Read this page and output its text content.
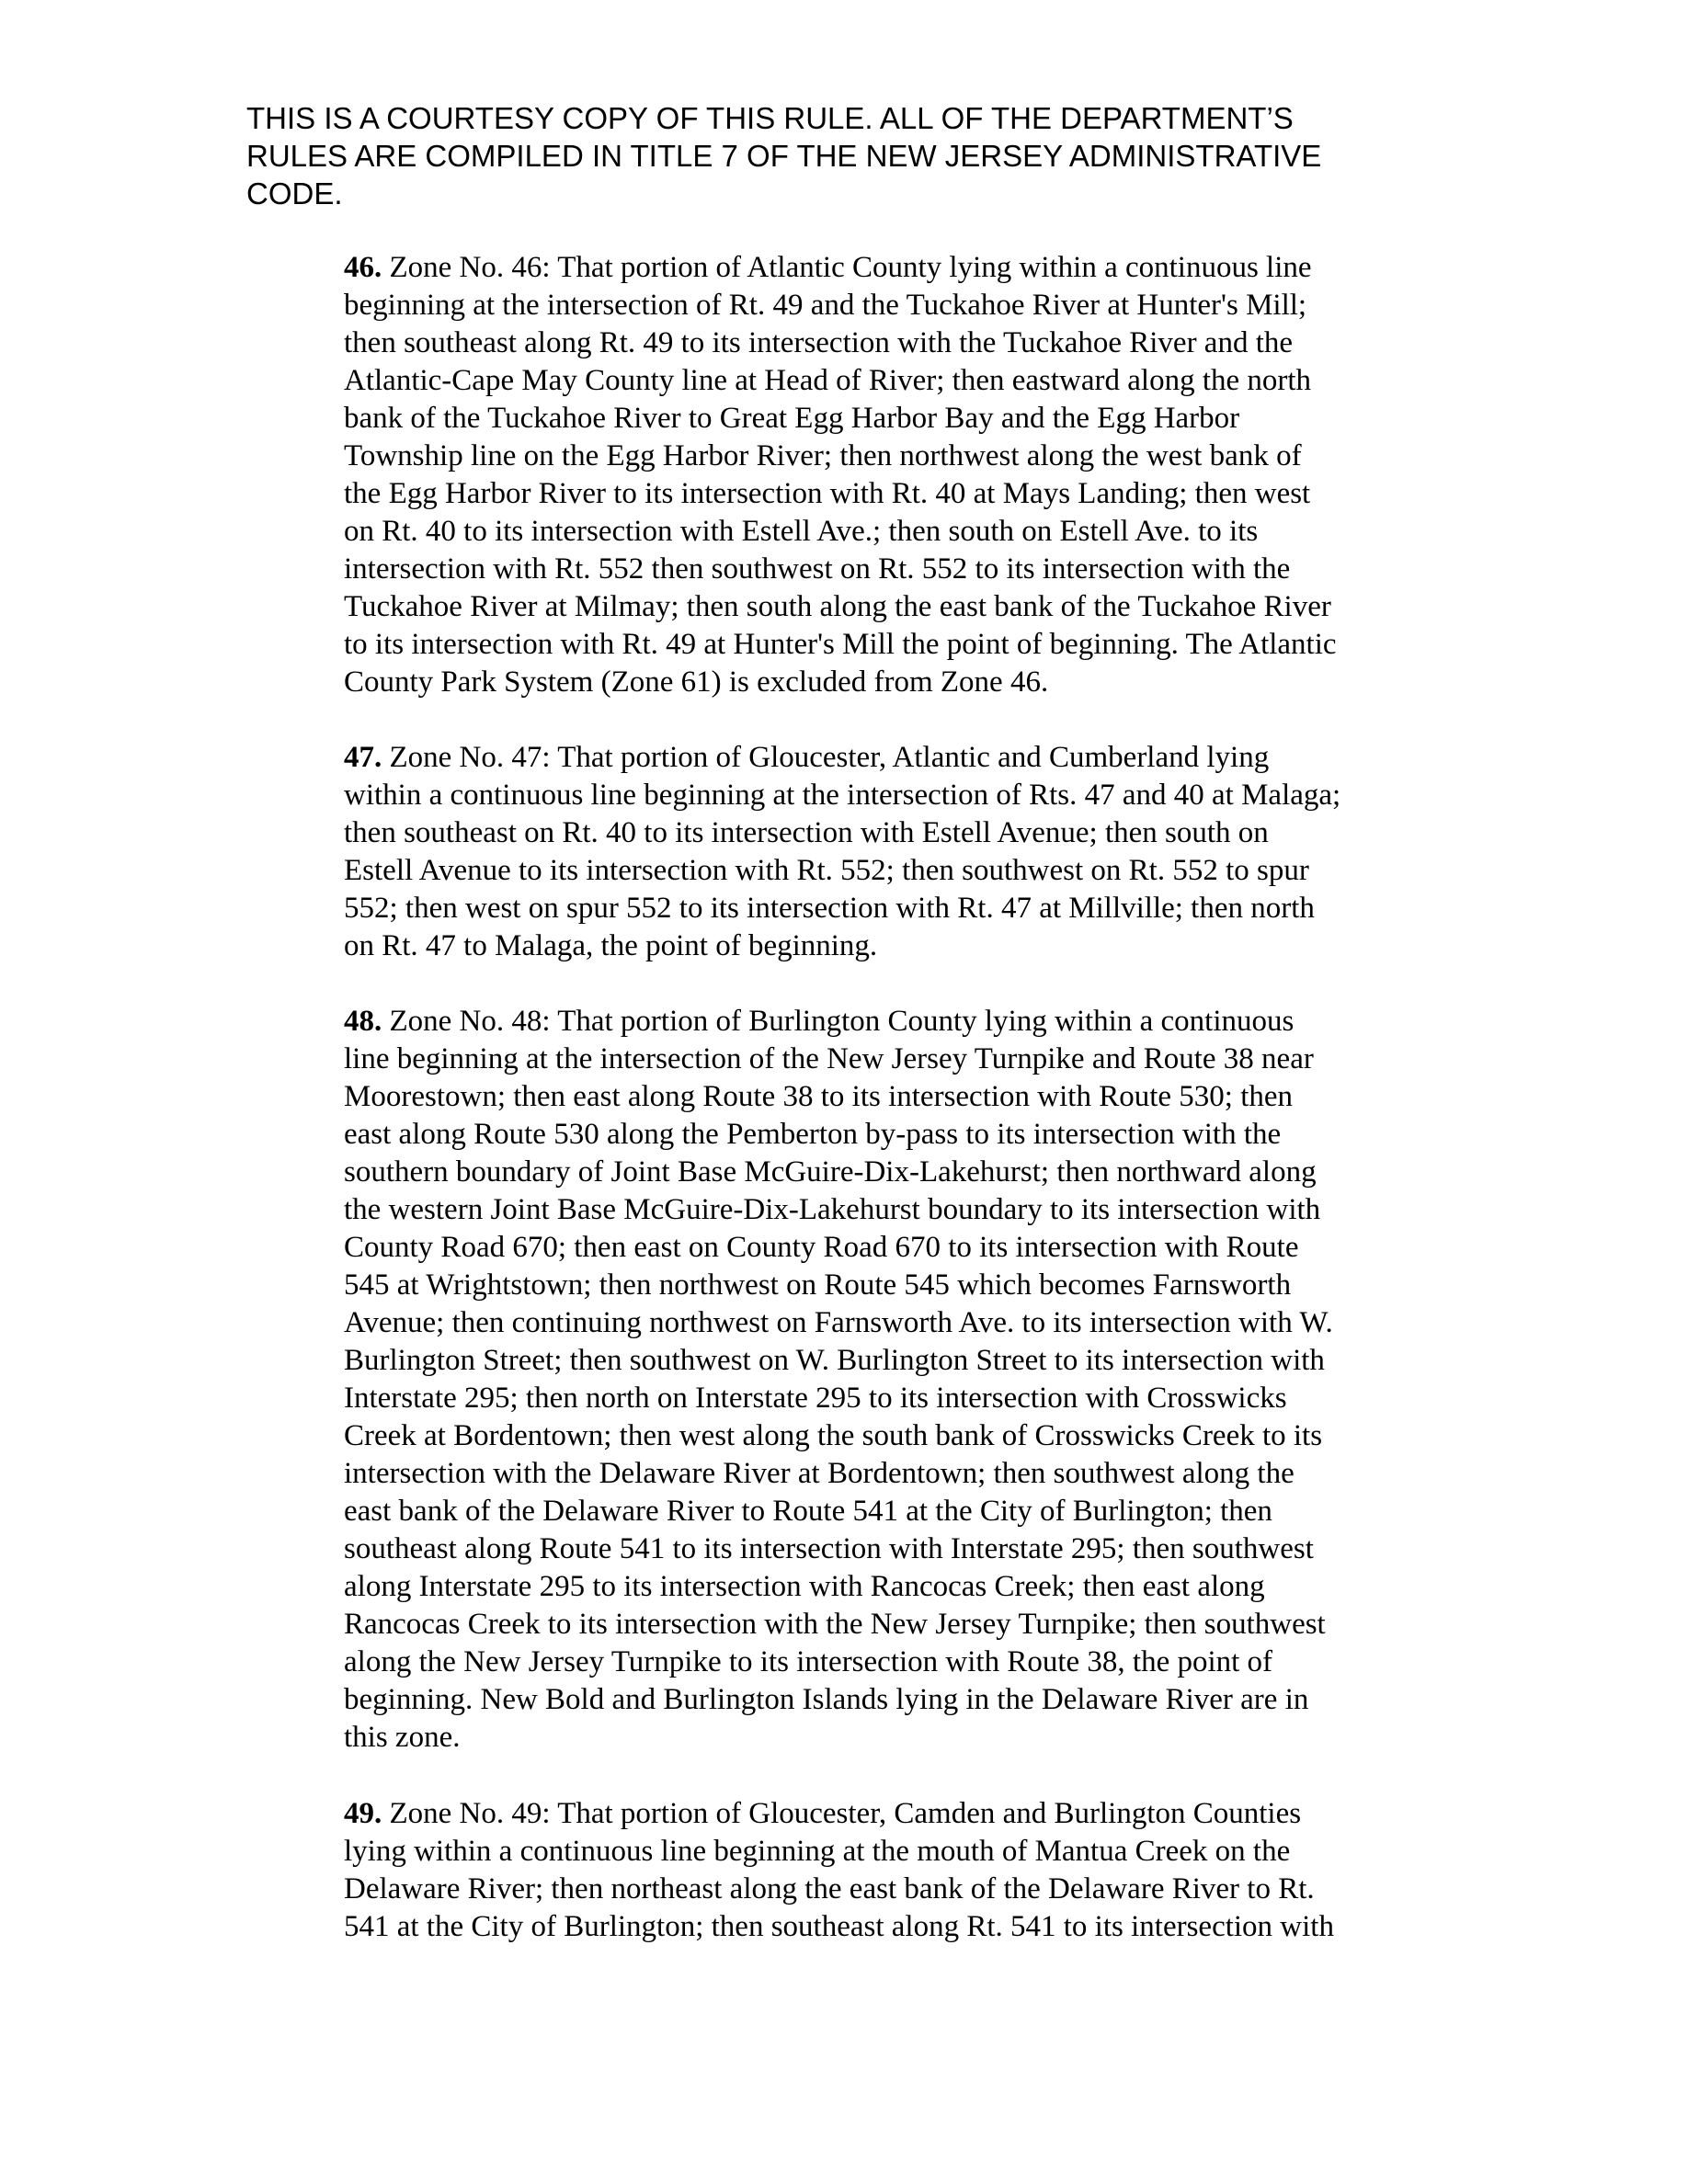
THIS IS A COURTESY COPY OF THIS RULE. ALL OF THE DEPARTMENT’S
RULES ARE COMPILED IN TITLE 7 OF THE NEW JERSEY ADMINISTRATIVE
CODE.
46. Zone No. 46: That portion of Atlantic County lying within a continuous line
beginning at the intersection of Rt. 49 and the Tuckahoe River at Hunter's Mill;
then southeast along Rt. 49 to its intersection with the Tuckahoe River and the
Atlantic-Cape May County line at Head of River; then eastward along the north
bank of the Tuckahoe River to Great Egg Harbor Bay and the Egg Harbor
Township line on the Egg Harbor River; then northwest along the west bank of
the Egg Harbor River to its intersection with Rt. 40 at Mays Landing; then west
on Rt. 40 to its intersection with Estell Ave.; then south on Estell Ave. to its
intersection with Rt. 552 then southwest on Rt. 552 to its intersection with the
Tuckahoe River at Milmay; then south along the east bank of the Tuckahoe River
to its intersection with Rt. 49 at Hunter's Mill the point of beginning. The Atlantic
County Park System (Zone 61) is excluded from Zone 46.
47. Zone No. 47: That portion of Gloucester, Atlantic and Cumberland lying
within a continuous line beginning at the intersection of Rts. 47 and 40 at Malaga;
then southeast on Rt. 40 to its intersection with Estell Avenue; then south on
Estell Avenue to its intersection with Rt. 552; then southwest on Rt. 552 to spur
552; then west on spur 552 to its intersection with Rt. 47 at Millville; then north
on Rt. 47 to Malaga, the point of beginning.
48. Zone No. 48: That portion of Burlington County lying within a continuous
line beginning at the intersection of the New Jersey Turnpike and Route 38 near
Moorestown; then east along Route 38 to its intersection with Route 530; then
east along Route 530 along the Pemberton by-pass to its intersection with the
southern boundary of Joint Base McGuire-Dix-Lakehurst; then northward along
the western Joint Base McGuire-Dix-Lakehurst boundary to its intersection with
County Road 670; then east on County Road 670 to its intersection with Route
545 at Wrightstown; then northwest on Route 545 which becomes Farnsworth
Avenue; then continuing northwest on Farnsworth Ave. to its intersection with W.
Burlington Street; then southwest on W. Burlington Street to its intersection with
Interstate 295; then north on Interstate 295 to its intersection with Crosswicks
Creek at Bordentown; then west along the south bank of Crosswicks Creek to its
intersection with the Delaware River at Bordentown; then southwest along the
east bank of the Delaware River to Route 541 at the City of Burlington; then
southeast along Route 541 to its intersection with Interstate 295; then southwest
along Interstate 295 to its intersection with Rancocas Creek; then east along
Rancocas Creek to its intersection with the New Jersey Turnpike; then southwest
along the New Jersey Turnpike to its intersection with Route 38, the point of
beginning. New Bold and Burlington Islands lying in the Delaware River are in
this zone.
49. Zone No. 49: That portion of Gloucester, Camden and Burlington Counties
lying within a continuous line beginning at the mouth of Mantua Creek on the
Delaware River; then northeast along the east bank of the Delaware River to Rt.
541 at the City of Burlington; then southeast along Rt. 541 to its intersection with
